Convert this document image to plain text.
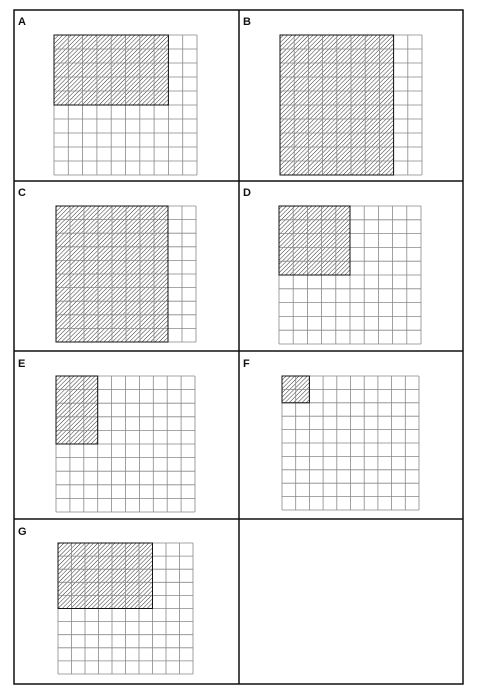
A	B
C	D
E	F
G
